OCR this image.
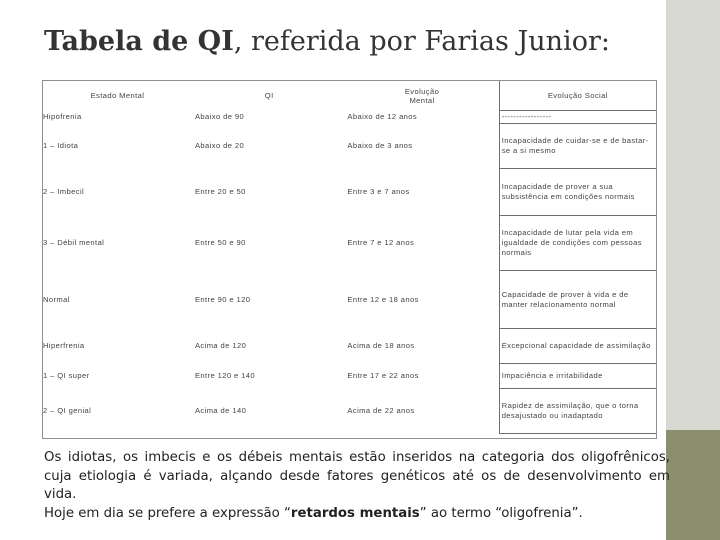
Tabela de QI, referida por Farias Junior:
Estado Mental	QI	Evolução Mental	Evolução Social
Hipofrenia	Abaixo de 90	Abaixo de 12 anos	-----------------
1 – Idiota	Abaixo de 20	Abaixo de 3 anos	Incapacidade de cuidar-se e de bastar-se a si mesmo
2 – Imbecil	Entre 20 e 50	Entre 3 e 7 anos	Incapacidade de prover a sua subsistência em condições normais
3 – Débil mental	Entre 50 e 90	Entre 7 e 12 anos	Incapacidade de lutar pela vida em igualdade de condições com pessoas normais
Normal	Entre 90 e 120	Entre 12 e 18 anos	Capacidade de prover à vida e de manter relacionamento normal
Hiperfrenia	Acima de 120	Acima de 18 anos	Excepcional capacidade de assimilação
1 – QI super	Entre 120 e 140	Entre 17 e 22 anos	Impaciência e irritabilidade
2 – QI genial	Acima de 140	Acima de 22 anos	Rapidez de assimilação, que o torna desajustado ou inadaptado

Os idiotas, os imbecis e os débeis mentais estão inseridos na categoria dos oligofrênicos, cuja etiologia é variada, alçando desde fatores genéticos até os de desenvolvimento em vida.

Hoje em dia se prefere a expressão “retardos mentais” ao termo “oligofrenia”.
